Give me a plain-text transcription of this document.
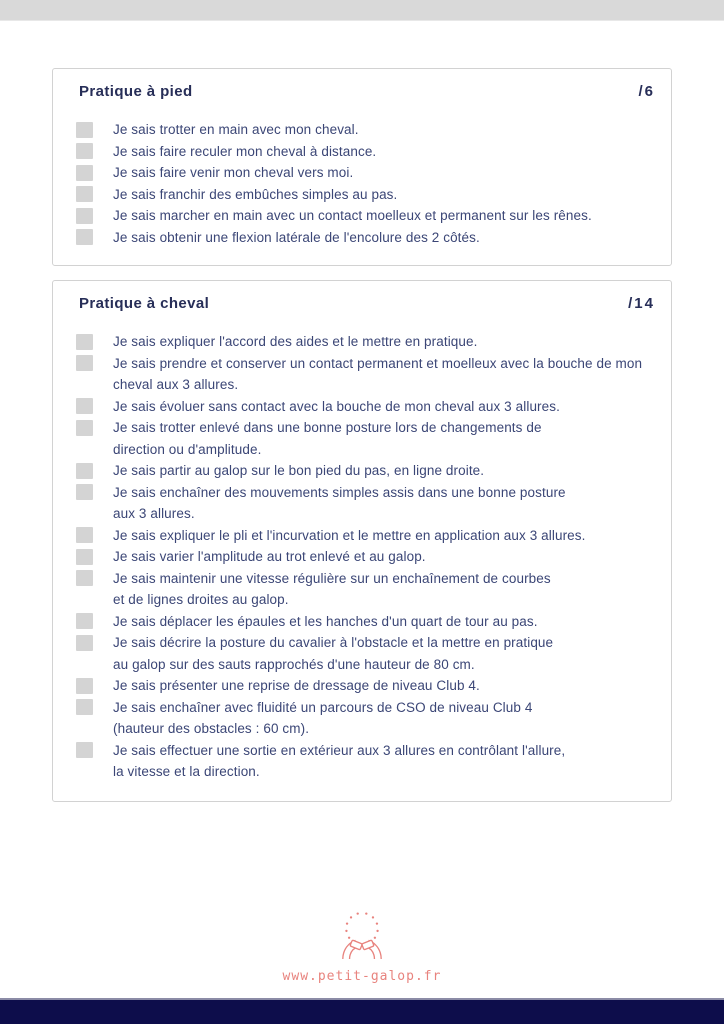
Pratique à pied	/6
Je sais trotter en main avec mon cheval.
Je sais faire reculer mon cheval à distance.
Je sais faire venir mon cheval vers moi.
Je sais franchir des embûches simples au pas.
Je sais marcher en main avec un contact moelleux et permanent sur les rênes.
Je sais obtenir une flexion latérale de l'encolure des 2 côtés.
Pratique à cheval	/14
Je sais expliquer l'accord des aides et le mettre en pratique.
Je sais prendre et conserver un contact permanent et moelleux avec la bouche de mon
cheval aux 3 allures.
Je sais évoluer sans contact avec la bouche de mon cheval aux 3 allures.
Je sais trotter enlevé dans une bonne posture lors de changements de
direction ou d'amplitude.
Je sais partir au galop sur le bon pied du pas, en ligne droite.
Je sais enchaîner des mouvements simples assis dans une bonne posture
aux 3 allures.
Je sais expliquer le pli et l'incurvation et le mettre en application aux 3 allures.
Je sais varier l'amplitude au trot enlevé et au galop.
Je sais maintenir une vitesse régulière sur un enchaînement de courbes
et de lignes droites au galop.
Je sais déplacer les épaules et les hanches d'un quart de tour au pas.
Je sais décrire la posture du cavalier à l'obstacle et la mettre en pratique
au galop sur des sauts rapprochés d'une hauteur de 80 cm.
Je sais présenter une reprise de dressage de niveau Club 4.
Je sais enchaîner avec fluidité un parcours de CSO de niveau Club 4
(hauteur des obstacles : 60 cm).
Je sais effectuer une sortie en extérieur aux 3 allures en contrôlant l'allure,
la vitesse et la direction.
www.petit-galop.fr
